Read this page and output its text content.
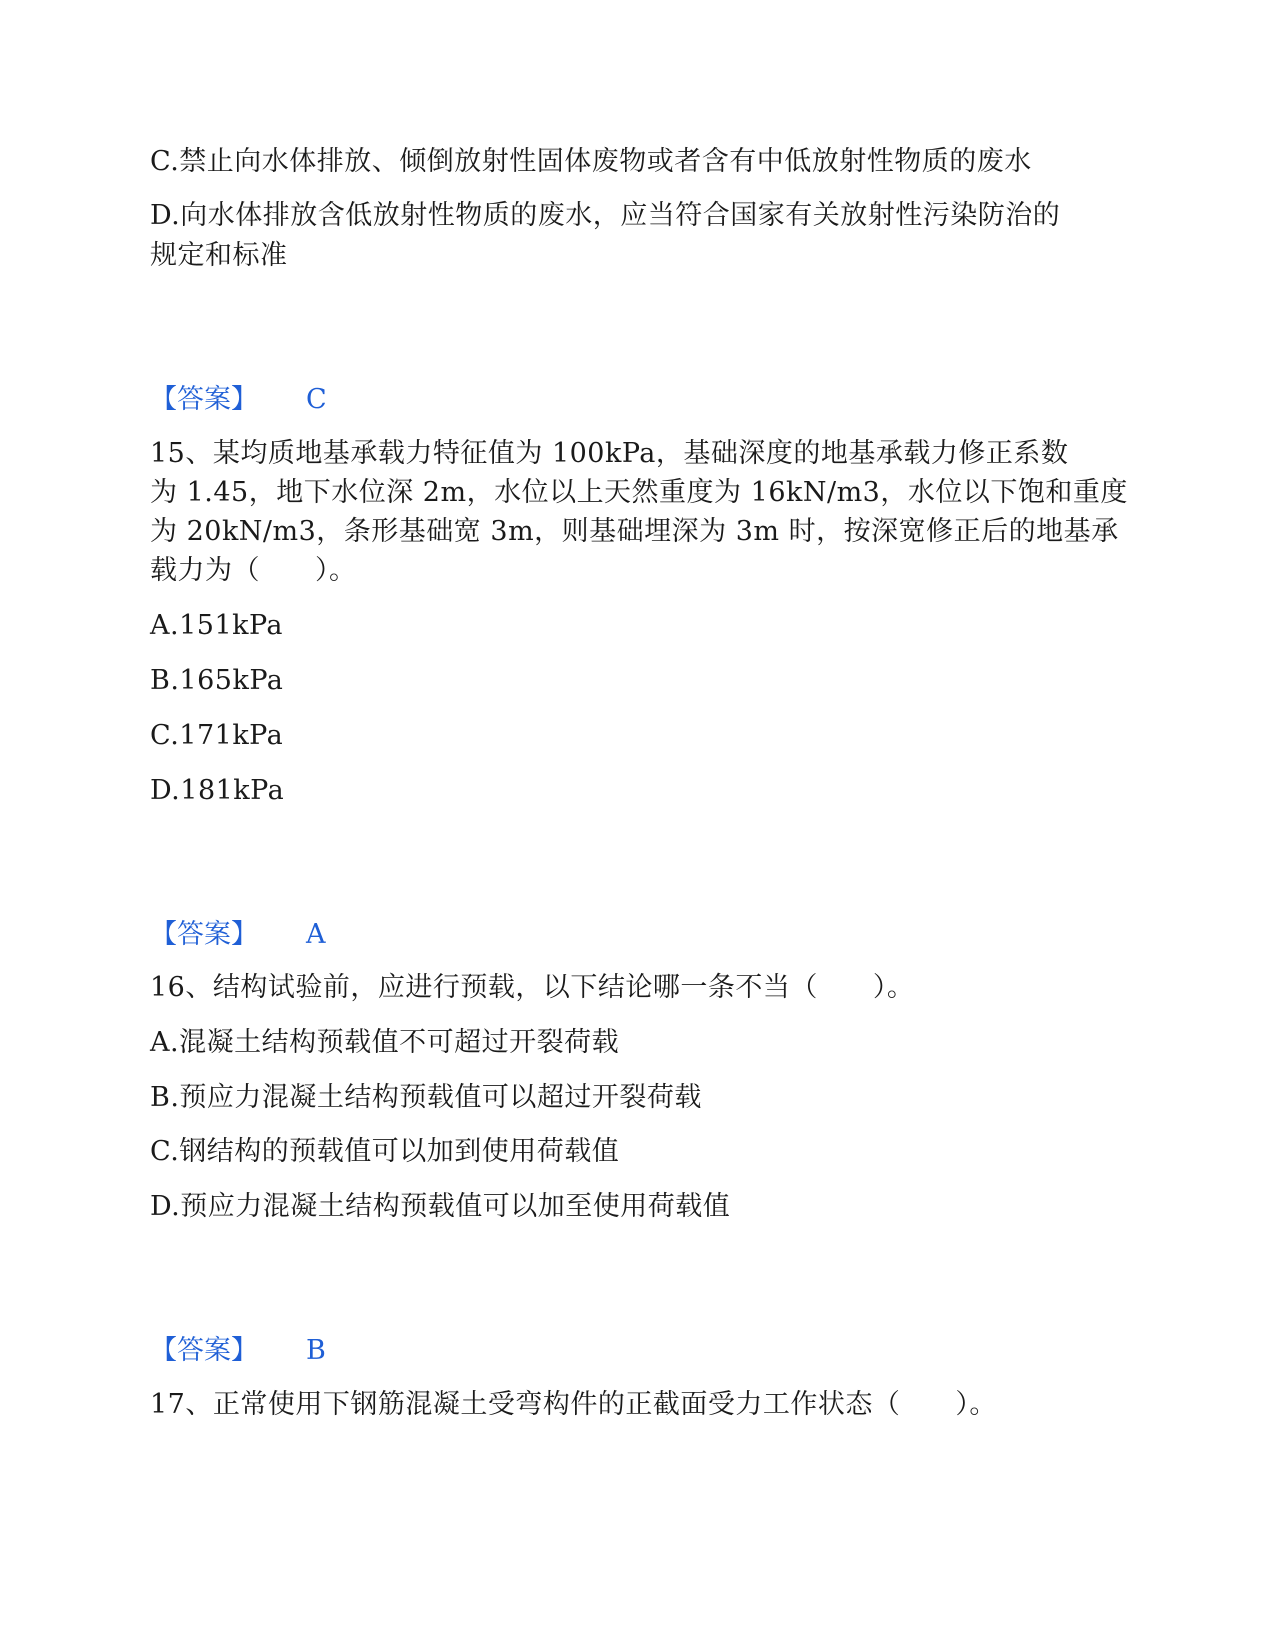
C.禁止向水体排放、倾倒放射性固体废物或者含有中低放射性物质的废水
D.向水体排放含低放射性物质的废水，应当符合国家有关放射性污染防治的
规定和标准
【答案】 C
15、某均质地基承载力特征值为 100kPa，基础深度的地基承载力修正系数
为 1.45，地下水位深 2m，水位以上天然重度为 16kN/m3，水位以下饱和重度
为 20kN/m3，条形基础宽 3m，则基础埋深为 3m 时，按深宽修正后的地基承
载力为（　　）。
A.151kPa
B.165kPa
C.171kPa
D.181kPa
【答案】 A
16、结构试验前，应进行预载，以下结论哪一条不当（　　）。
A.混凝土结构预载值不可超过开裂荷载
B.预应力混凝土结构预载值可以超过开裂荷载
C.钢结构的预载值可以加到使用荷载值
D.预应力混凝土结构预载值可以加至使用荷载值
【答案】 B
17、正常使用下钢筋混凝土受弯构件的正截面受力工作状态（　　）。
